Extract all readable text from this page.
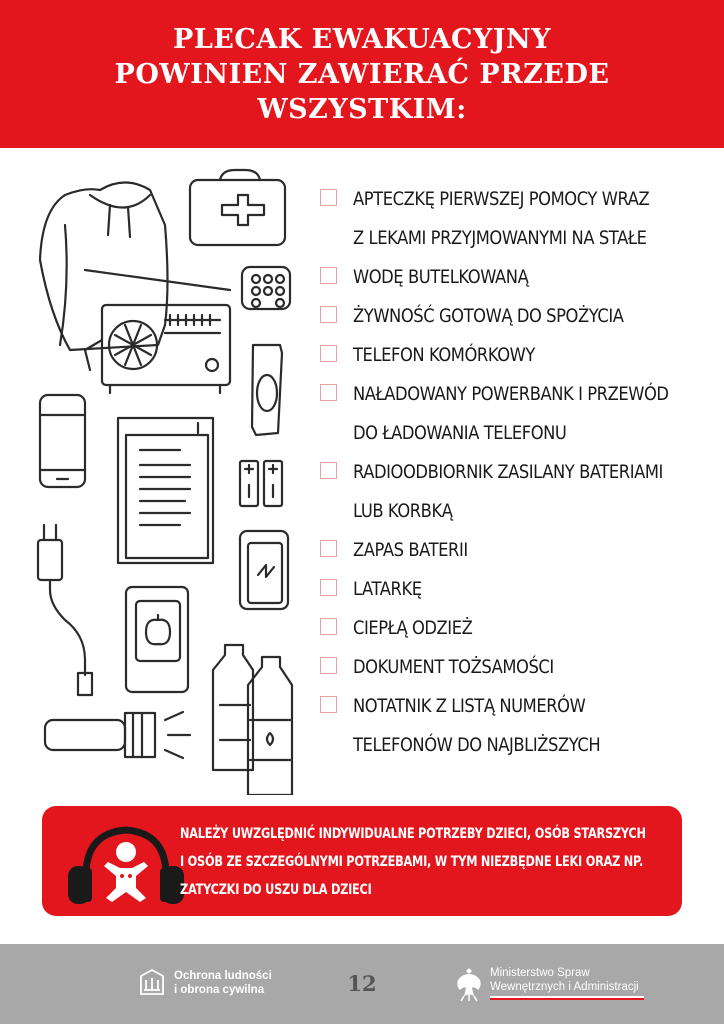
PLECAK EWAKUACYJNY
POWINIEN ZAWIERAĆ PRZEDE
WSZYSTKIM:
APTECZKĘ PIERWSZEJ POMOCY WRAZ
Z LEKAMI PRZYJMOWANYMI NA STAŁE
WODĘ BUTELKOWANĄ
ŻYWNOŚĆ GOTOWĄ DO SPOŻYCIA
TELEFON KOMÓRKOWY
NAŁADOWANY POWERBANK I PRZEWÓD
DO ŁADOWANIA TELEFONU
RADIOODBIORNIK ZASILANY BATERIAMI
LUB KORBKĄ
ZAPAS BATERII
LATARKĘ
CIEPŁĄ ODZIEŻ
DOKUMENT TOŻSAMOŚCI
NOTATNIK Z LISTĄ NUMERÓW
TELEFONÓW DO NAJBLIŻSZYCH
NALEŻY UWZGLĘDNIĆ INDYWIDUALNE POTRZEBY DZIECI, OSÓB STARSZYCH
I OSÓB ZE SZCZEGÓLNYMI POTRZEBAMI, W TYM NIEZBĘDNE LEKI ORAZ NP.
ZATYCZKI DO USZU DLA DZIECI
Ochrona ludności
i obrona cywilna	12	Ministerstwo Spraw
Wewnętrznych i Administracji
